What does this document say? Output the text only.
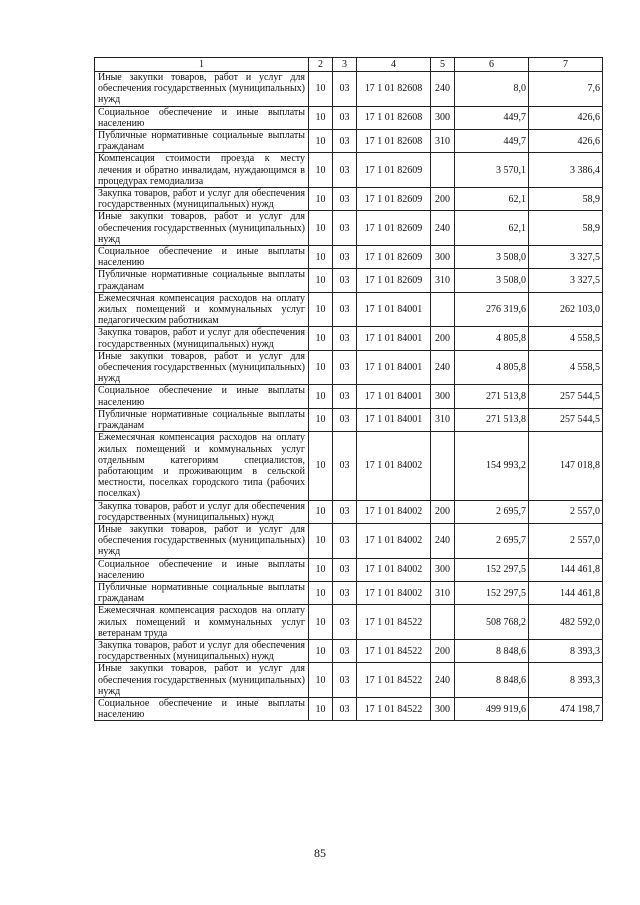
1	2	3	4	5	6	7
Иные закупки товаров, работ и услуг для обеспечения государственных (муниципальных) нужд	10	03	17 1 01 82608	240	8,0	7,6
Социальное обеспечение и иные выплаты населению	10	03	17 1 01 82608	300	449,7	426,6
Публичные нормативные социальные выплаты гражданам	10	03	17 1 01 82608	310	449,7	426,6
Компенсация стоимости проезда к месту лечения и обратно инвалидам, нуждающимся в процедурах гемодиализа	10	03	17 1 01 82609		3 570,1	3 386,4
Закупка товаров, работ и услуг для обеспечения государственных (муниципальных) нужд	10	03	17 1 01 82609	200	62,1	58,9
Иные закупки товаров, работ и услуг для обеспечения государственных (муниципальных) нужд	10	03	17 1 01 82609	240	62,1	58,9
Социальное обеспечение и иные выплаты населению	10	03	17 1 01 82609	300	3 508,0	3 327,5
Публичные нормативные социальные выплаты гражданам	10	03	17 1 01 82609	310	3 508,0	3 327,5
Ежемесячная компенсация расходов на оплату жилых помещений и коммунальных услуг педагогическим работникам	10	03	17 1 01 84001		276 319,6	262 103,0
Закупка товаров, работ и услуг для обеспечения государственных (муниципальных) нужд	10	03	17 1 01 84001	200	4 805,8	4 558,5
Иные закупки товаров, работ и услуг для обеспечения государственных (муниципальных) нужд	10	03	17 1 01 84001	240	4 805,8	4 558,5
Социальное обеспечение и иные выплаты населению	10	03	17 1 01 84001	300	271 513,8	257 544,5
Публичные нормативные социальные выплаты гражданам	10	03	17 1 01 84001	310	271 513,8	257 544,5
Ежемесячная компенсация расходов на оплату жилых помещений и коммунальных услуг отдельным категориям специалистов, работающим и проживающим в сельской местности, поселках городского типа (рабочих поселках)	10	03	17 1 01 84002		154 993,2	147 018,8
Закупка товаров, работ и услуг для обеспечения государственных (муниципальных) нужд	10	03	17 1 01 84002	200	2 695,7	2 557,0
Иные закупки товаров, работ и услуг для обеспечения государственных (муниципальных) нужд	10	03	17 1 01 84002	240	2 695,7	2 557,0
Социальное обеспечение и иные выплаты населению	10	03	17 1 01 84002	300	152 297,5	144 461,8
Публичные нормативные социальные выплаты гражданам	10	03	17 1 01 84002	310	152 297,5	144 461,8
Ежемесячная компенсация расходов на оплату жилых помещений и коммунальных услуг ветеранам труда	10	03	17 1 01 84522		508 768,2	482 592,0
Закупка товаров, работ и услуг для обеспечения государственных (муниципальных) нужд	10	03	17 1 01 84522	200	8 848,6	8 393,3
Иные закупки товаров, работ и услуг для обеспечения государственных (муниципальных) нужд	10	03	17 1 01 84522	240	8 848,6	8 393,3
Социальное обеспечение и иные выплаты населению	10	03	17 1 01 84522	300	499 919,6	474 198,7
85
